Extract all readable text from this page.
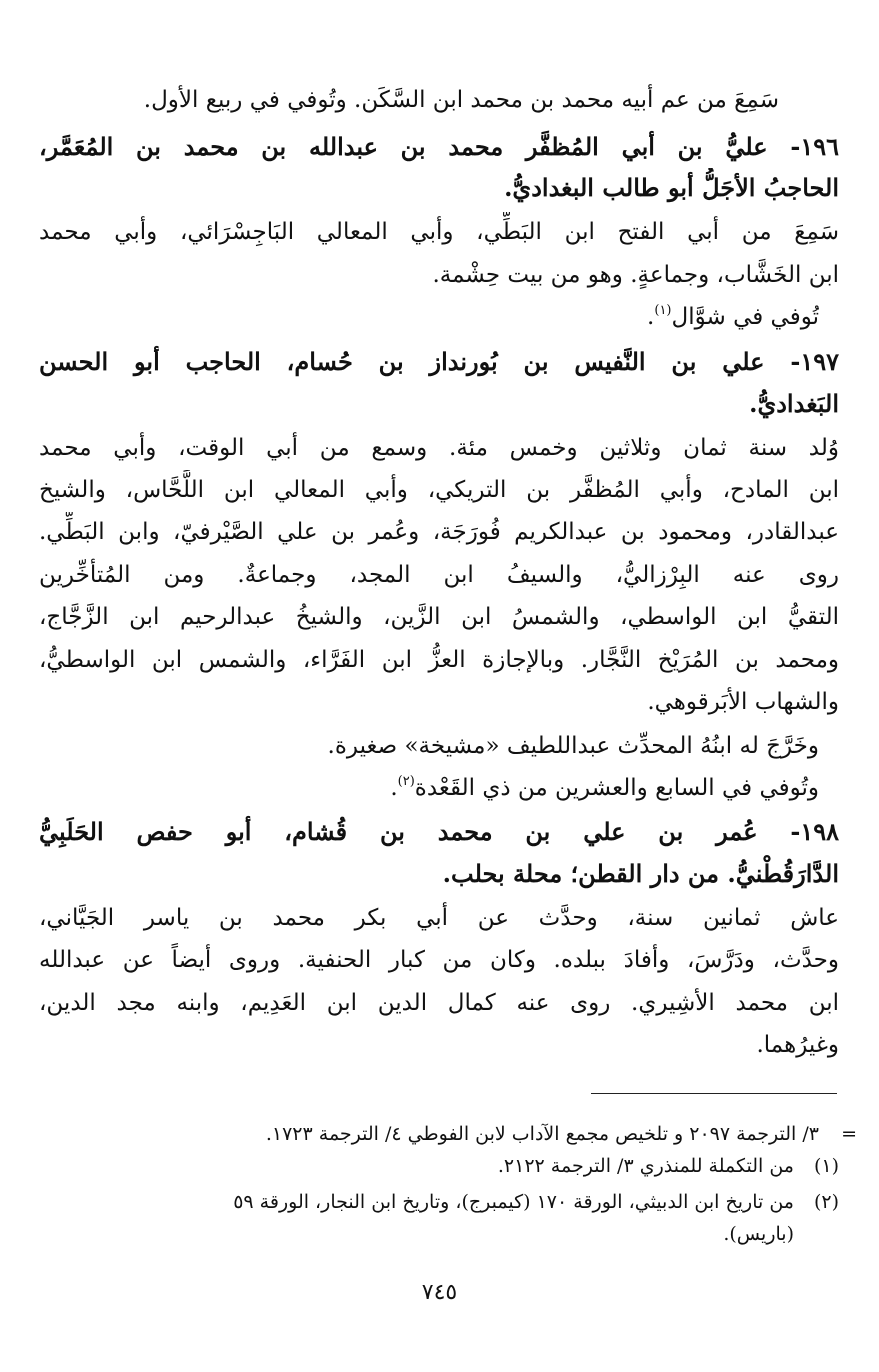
سَمِعَ من عم أبيه محمد بن محمد ابن السَّكَن. وتُوفي في ربيع الأول.
١٩٦- عليُّ بن أبي المُظفَّر محمد بن عبدالله بن محمد بن المُعَمَّر،
الحاجبُ الأجَلُّ أبو طالب البغداديُّ.
سَمِعَ من أبي الفتح ابن البَطِّي، وأبي المعالي البَاجِسْرَائي، وأبي محمد
ابن الخَشَّاب، وجماعةٍ. وهو من بيت حِشْمة.
تُوفي في شوَّال$^{(١)}$.
١٩٧- علي بن النَّفيس بن بُورنداز بن حُسام، الحاجب أبو الحسن
البَغداديُّ.
وُلد سنة ثمان وثلاثين وخمس مئة. وسمع من أبي الوقت، وأبي محمد
ابن المادح، وأبي المُظفَّر بن التريكي، وأبي المعالي ابن اللَّحَّاس، والشيخ
عبدالقادر، ومحمود بن عبدالكريم فُورَجَة، وعُمر بن علي الصَّيْرفيّ، وابن البَطِّي.
روى عنه البِرْزاليُّ، والسيفُ ابن المجد، وجماعةٌ. ومن المُتأخِّرين
التقيُّ ابن الواسطي، والشمسُ ابن الزَّين، والشيخُ عبدالرحيم ابن الزَّجَّاج،
ومحمد بن المُرَيْخ النَّجَّار. وبالإجازة العزُّ ابن الفَرَّاء، والشمس ابن الواسطيُّ،
والشهاب الأبَرقوهي.
وخَرَّجَ له ابنُهُ المحدِّث عبداللطيف «مشيخة» صغيرة.
وتُوفي في السابع والعشرين من ذي القَعْدة$^{(٢)}$.
١٩٨- عُمر بن علي بن محمد بن قُشام، أبو حفص الحَلَبِيُّ
الدَّارَقُطْنيُّ. من دار القطن؛ محلة بحلب.
عاش ثمانين سنة، وحدَّث عن أبي بكر محمد بن ياسر الجَيَّاني،
وحدَّث، ودَرَّسَ، وأفادَ ببلده. وكان من كبار الحنفية. وروى أيضاً عن عبدالله
ابن محمد الأشِيري. روى عنه كمال الدين ابن العَدِيم، وابنه مجد الدين،
وغيرُهما.
=
٣/ الترجمة ٢٠٩٧ و تلخيص مجمع الآداب لابن الفوطي ٤/ الترجمة ١٧٢٣.
(١)
من التكملة للمنذري ٣/ الترجمة ٢١٢٢.
(٢)
من تاريخ ابن الدبيثي، الورقة ١٧٠ (كيمبرج)، وتاريخ ابن النجار، الورقة ٥٩
(باريس).
٧٤٥
